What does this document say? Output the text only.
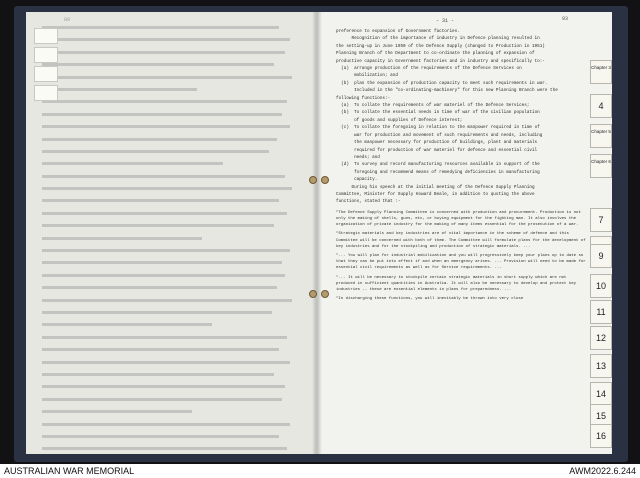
89	- 31 -	93

preference to expansion of Government factories.

Recognition of the importance of industry in Defence planning resulted in

the setting-up in June 1950 of the Defence Supply (changed to Production in 1951)

Planning Branch of the Department to co-ordinate the planning of expansion of

productive capacity in Government factories and in industry and specifically to:-

(a)  arrange production of the requirements of the Defence Services on

mobilization; and

(b)  plan the expansion of production capacity to meet such requirements in war.

Included in the "co-ordinating-machinery" for this new Planning Branch were the

following functions:-

(a)  To collate the requirements of war materiel of the Defence Services;

(b)  To collate the essential needs in time of war of the civilian population

of goods and supplies of Defence interest;

(c)  To collate the foregoing in relation to the manpower required in time of

war for production and movement of such requirements and needs, including

the manpower necessary for production of buildings, plant and materials

required for production of war materiel for defence and essential civil

needs; and

(d)  To survey and record manufacturing resources available in support of the

foregoing and recommend means of remedying deficiencies in manufacturing

capacity.

During his speech at the initial meeting of the Defence Supply Planning

Committee, Minister for Supply Howard Beale, in addition to quoting the above

functions, stated that :-

"The Defence Supply Planning Committee is concerned with production and procurement. Production is not only the making of shells, guns, etc, or buying equipment for the fighting man. It also involves the organization of private industry for the making of many items essential for the prosecution of a war.

"Strategic materials and key industries are of vital importance in the scheme of defence and this Committee will be concerned with both of them. The Committee will formulate plans for the development of key industries and for the stockpiling and production of strategic materials. ...

"... You will plan for industrial mobilization and you will progressively keep your plans up to date so that they can be put into effect if and when an emergency arises. ... Provision will need to be made for essential civil requirements as well as for Service requirements. ...

"... It will be necessary to stockpile certain strategic materials in short supply which are not produced in sufficient quantities in Australia. It will also be necessary to develop and protect key industries -- these are essential elements in plans for preparedness. ...

"In discharging these functions, you will inevitably be thrown into very close

Chapter 3
4
Chapter 5
Chapter 6
7
9
10
11
12
13
14
15
16
AUSTRALIAN WAR MEMORIAL	AWM2022.6.244
